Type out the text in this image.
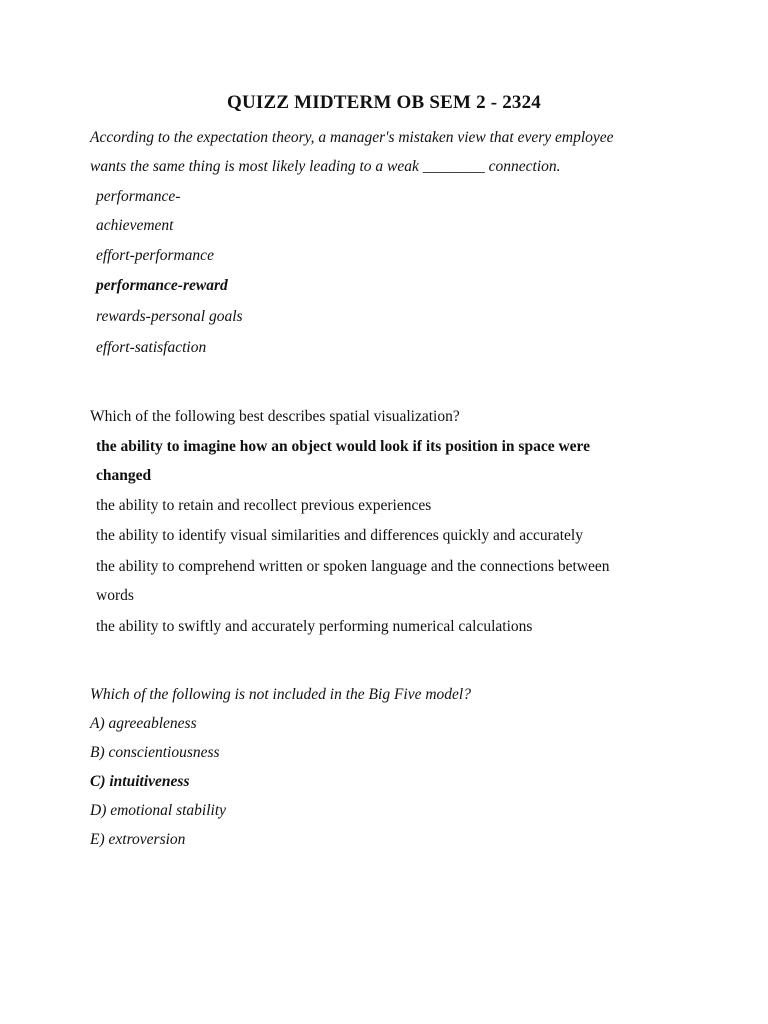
QUIZZ MIDTERM OB SEM 2 - 2324
According to the expectation theory, a manager's mistaken view that every employee
wants the same thing is most likely leading to a weak ________ connection.
performance-
achievement
effort-performance
performance-reward
rewards-personal goals
effort-satisfaction
Which of the following best describes spatial visualization?
the ability to imagine how an object would look if its position in space were
changed
the ability to retain and recollect previous experiences
the ability to identify visual similarities and differences quickly and accurately
the ability to comprehend written or spoken language and the connections between
words
the ability to swiftly and accurately performing numerical calculations
Which of the following is not included in the Big Five model?
A) agreeableness
B) conscientiousness
C) intuitiveness
D) emotional stability
E) extroversion
